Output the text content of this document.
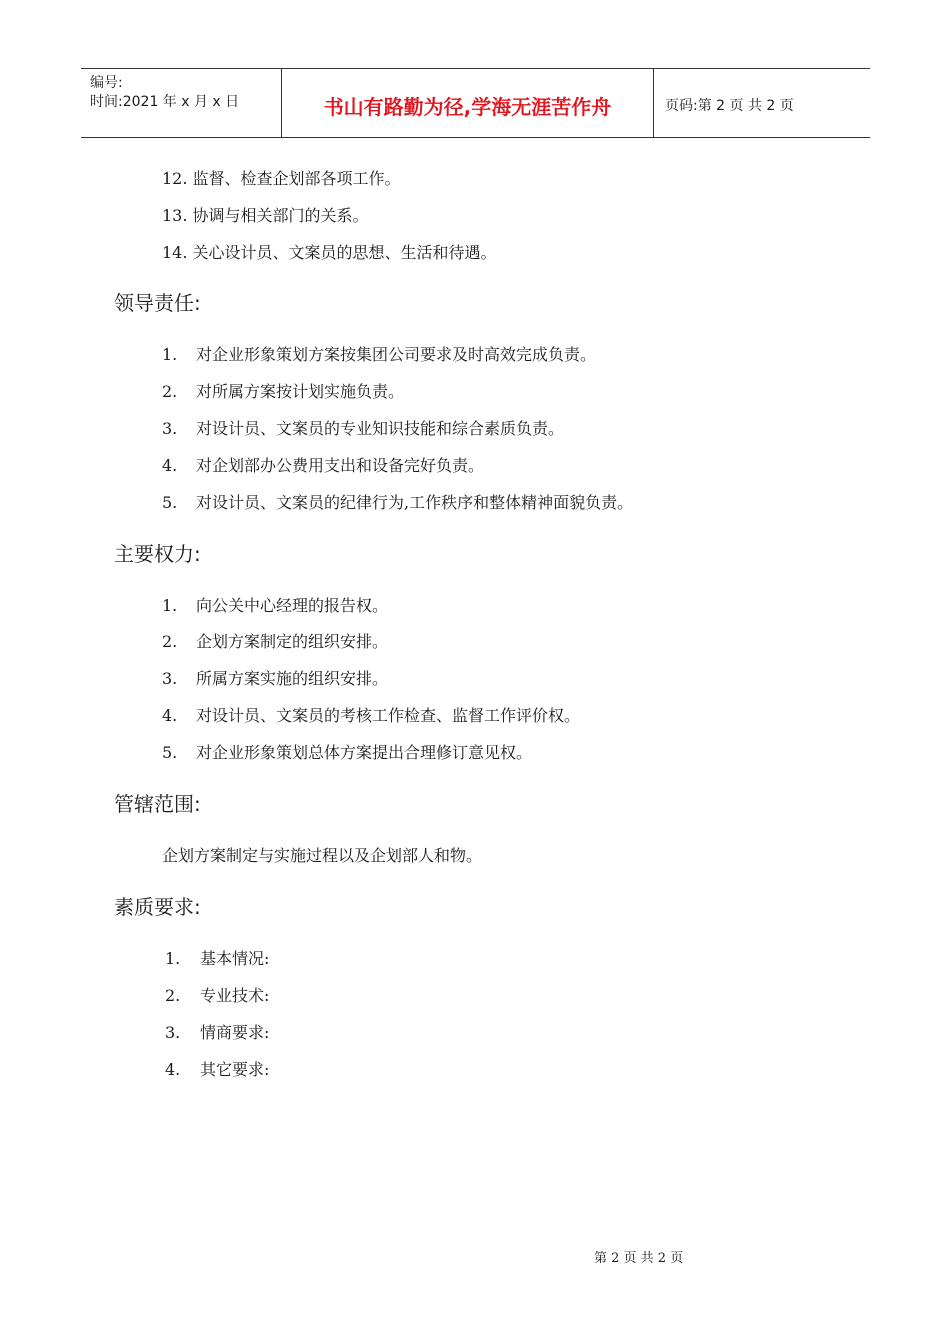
编号:
时间:2021 年 x 月 x 日	书山有路勤为径,学海无涯苦作舟	页码:第 2 页 共 2 页
12. 监督、检查企划部各项工作。
13. 协调与相关部门的关系。
14. 关心设计员、文案员的思想、生活和待遇。
领导责任:
1. 对企业形象策划方案按集团公司要求及时高效完成负责。
2. 对所属方案按计划实施负责。
3. 对设计员、文案员的专业知识技能和综合素质负责。
4. 对企划部办公费用支出和设备完好负责。
5. 对设计员、文案员的纪律行为,工作秩序和整体精神面貌负责。
主要权力:
1. 向公关中心经理的报告权。
2. 企划方案制定的组织安排。
3. 所属方案实施的组织安排。
4. 对设计员、文案员的考核工作检查、监督工作评价权。
5. 对企业形象策划总体方案提出合理修订意见权。
管辖范围:
企划方案制定与实施过程以及企划部人和物。
素质要求:
1. 基本情况:
2. 专业技术:
3. 情商要求:
4. 其它要求:
第 2 页 共 2 页
